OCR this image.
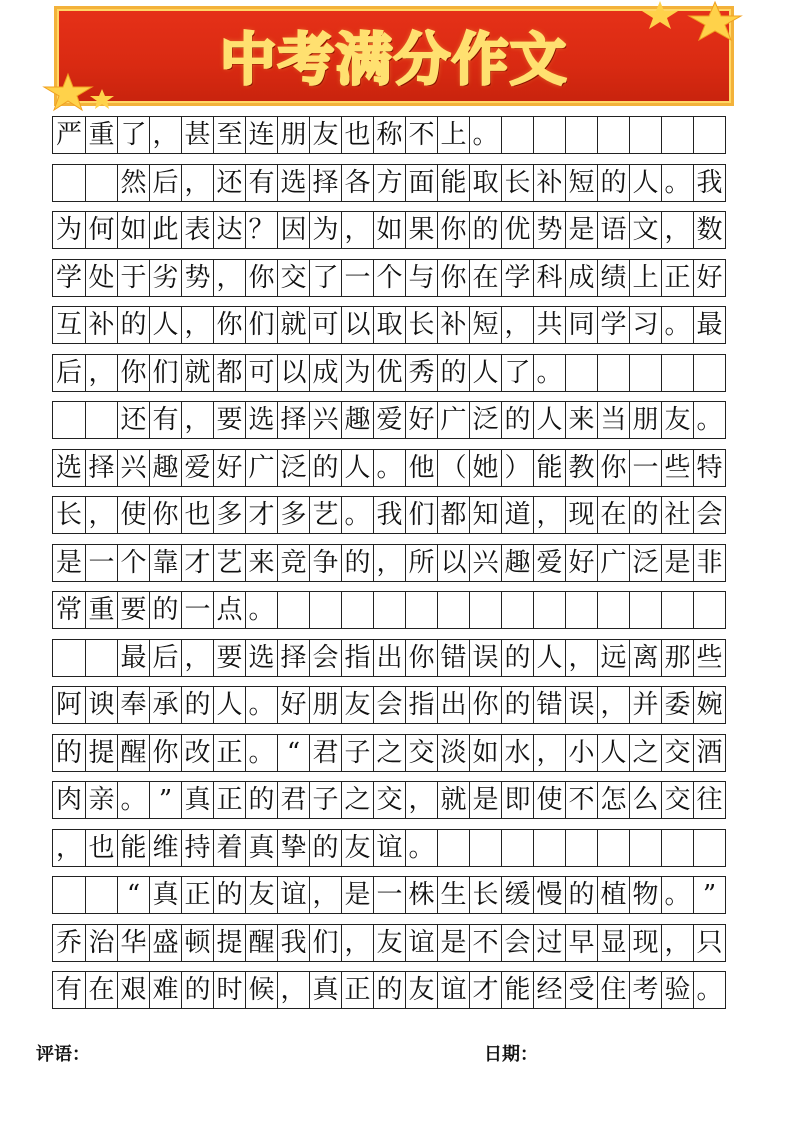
中考满分作文
严 重 了 ， 甚 至 连 朋 友 也 称 不 上 。
然 后 ， 还 有 选 择 各 方 面 能 取 长 补 短 的 人 。 我
为 何 如 此 表 达 ？ 因 为 ， 如 果 你 的 优 势 是 语 文 ， 数
学 处 于 劣 势 ， 你 交 了 一 个 与 你 在 学 科 成 绩 上 正 好
互 补 的 人 ， 你 们 就 可 以 取 长 补 短 ， 共 同 学 习 。 最
后 ， 你 们 就 都 可 以 成 为 优 秀 的 人 了 。
还 有 ， 要 选 择 兴 趣 爱 好 广 泛 的 人 来 当 朋 友 。
选 择 兴 趣 爱 好 广 泛 的 人 。 他 （ 她 ） 能 教 你 一 些 特
长 ， 使 你 也 多 才 多 艺 。 我 们 都 知 道 ， 现 在 的 社 会
是 一 个 靠 才 艺 来 竞 争 的 ， 所 以 兴 趣 爱 好 广 泛 是 非
常 重 要 的 一 点 。
最 后 ， 要 选 择 会 指 出 你 错 误 的 人 ， 远 离 那 些
阿 谀 奉 承 的 人 。 好 朋 友 会 指 出 你 的 错 误 ， 并 委 婉
的 提 醒 你 改 正 。 “ 君 子 之 交 淡 如 水 ， 小 人 之 交 酒
肉 亲 。 ” 真 正 的 君 子 之 交 ， 就 是 即 使 不 怎 么 交 往
， 也 能 维 持 着 真 挚 的 友 谊 。
“ 真 正 的 友 谊 ， 是 一 株 生 长 缓 慢 的 植 物 。 ”
乔 治 华 盛 顿 提 醒 我 们 ， 友 谊 是 不 会 过 早 显 现 ， 只
有 在 艰 难 的 时 候 ， 真 正 的 友 谊 才 能 经 受 住 考 验 。
评语：	日期：
